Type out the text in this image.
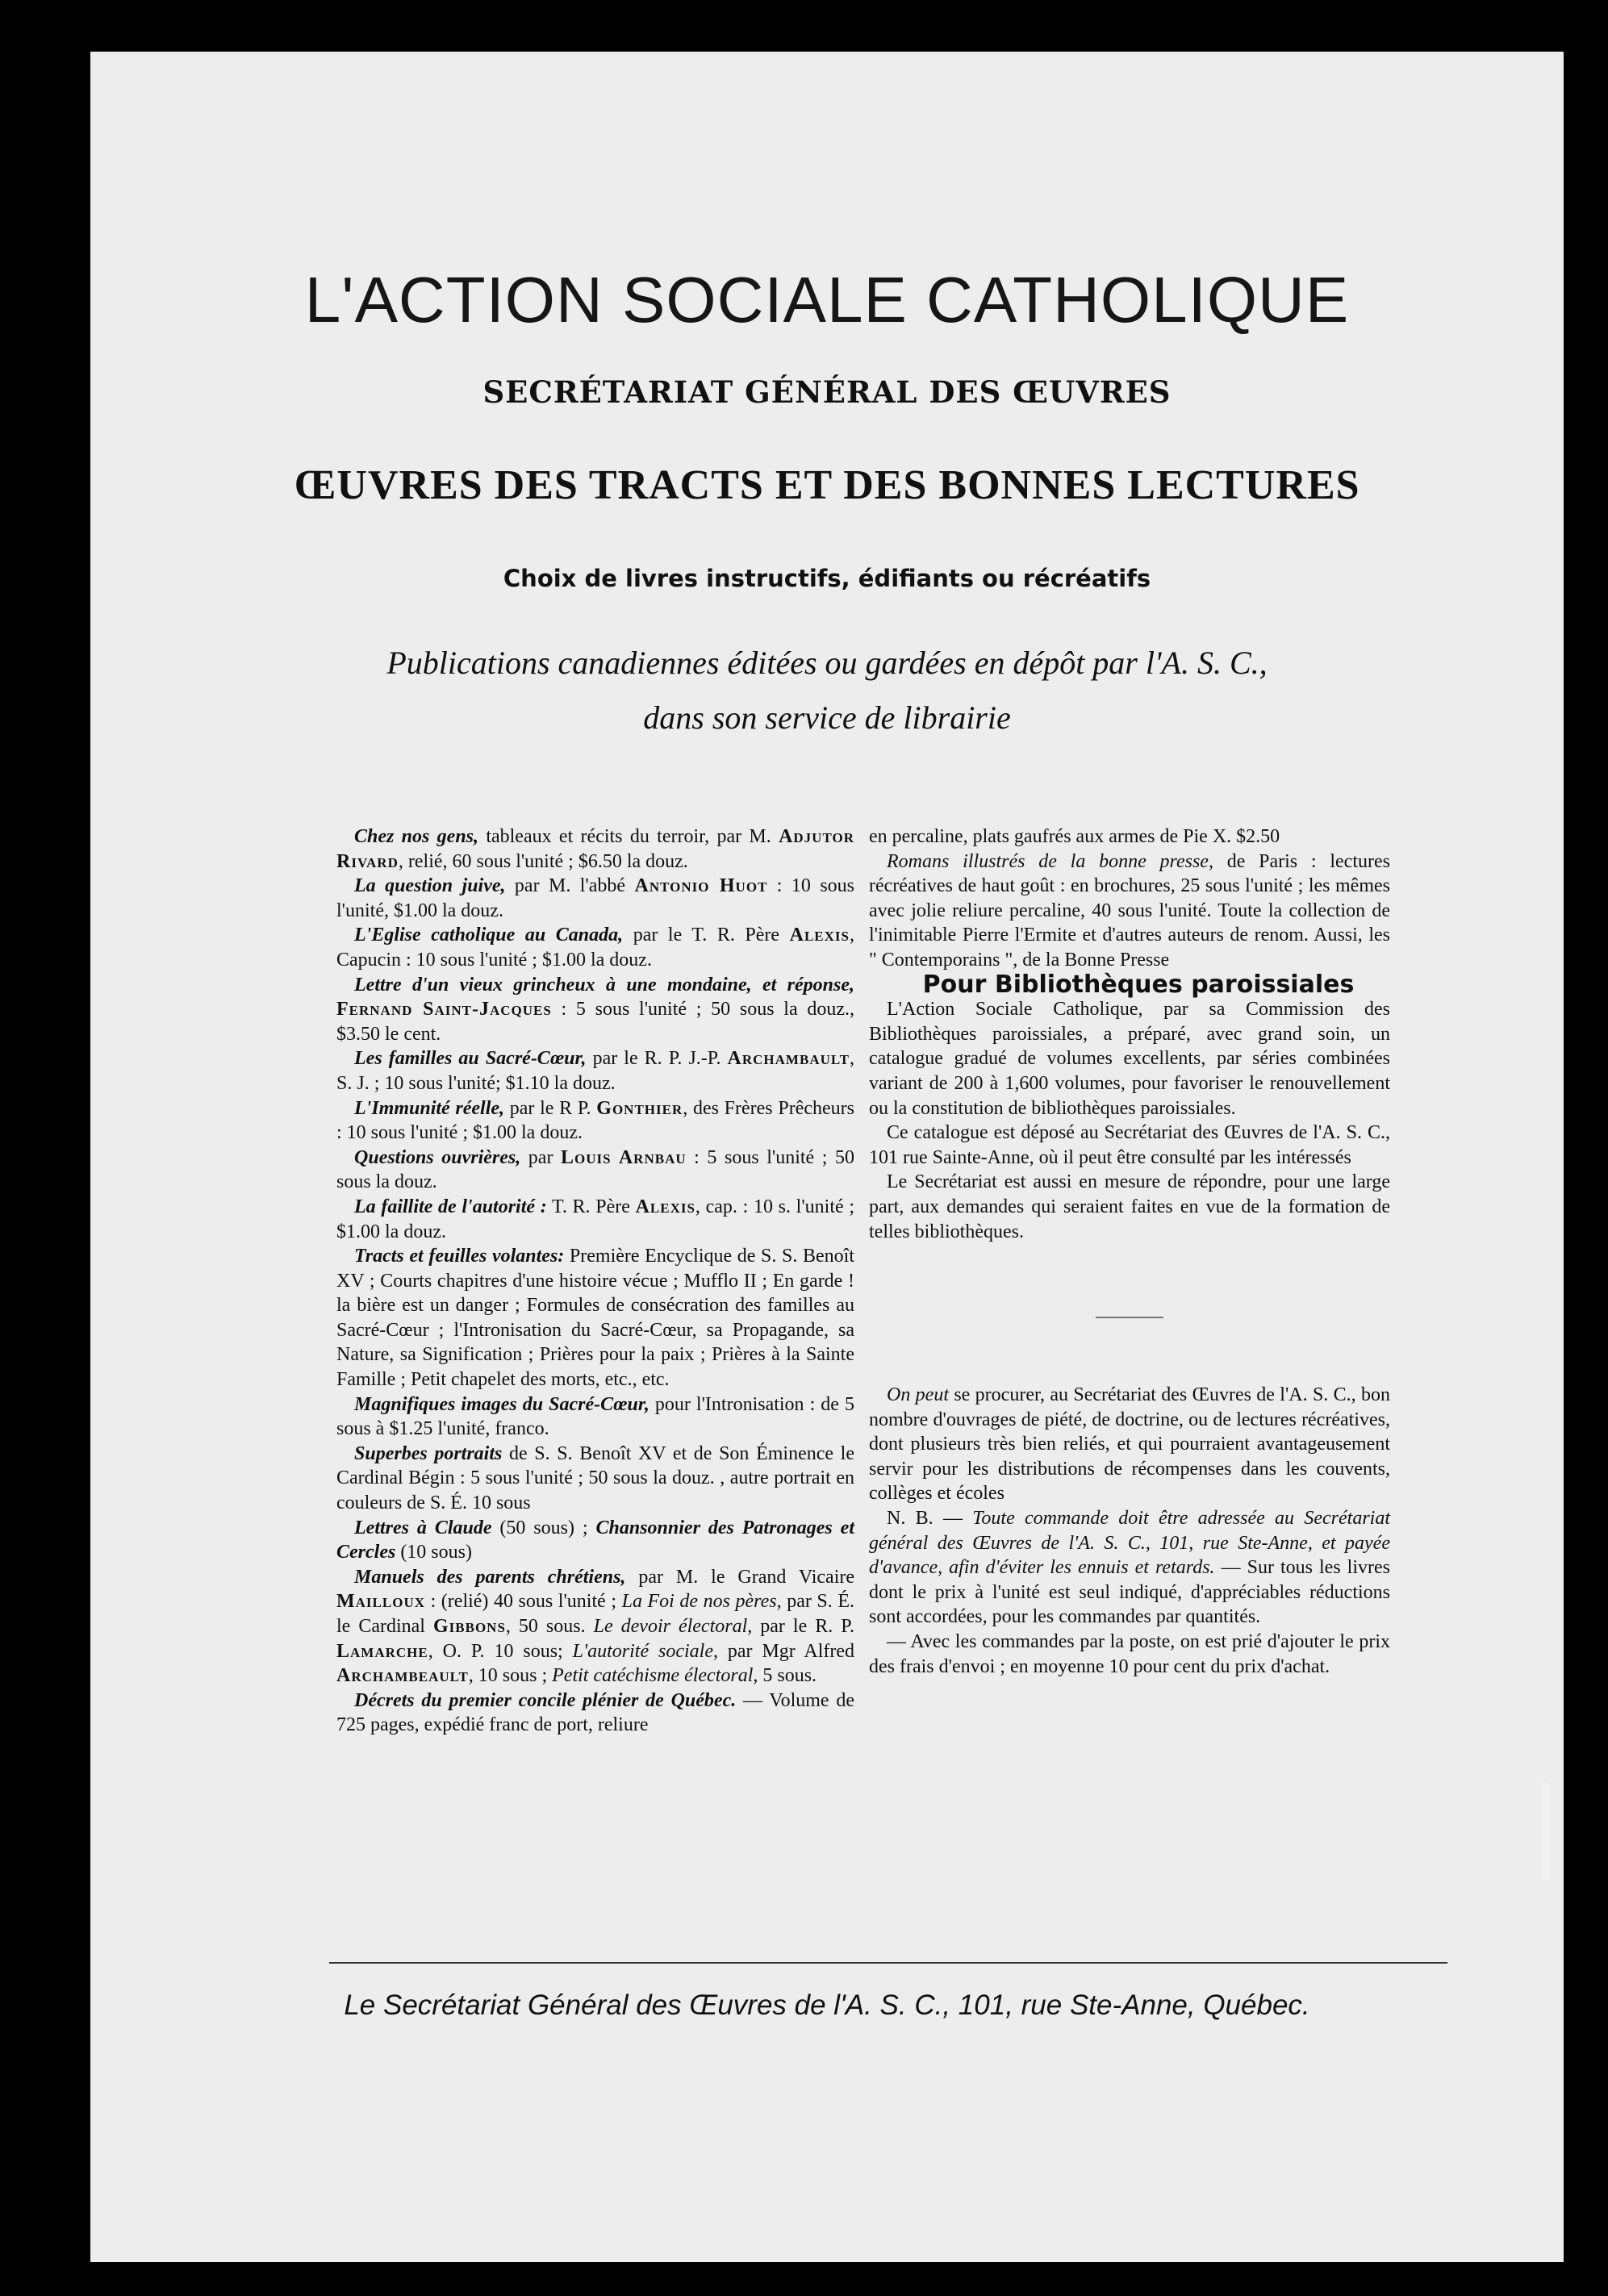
L'ACTION SOCIALE CATHOLIQUE
SECRÉTARIAT GÉNÉRAL DES ŒUVRES
ŒUVRES DES TRACTS ET DES BONNES LECTURES
Choix de livres instructifs, édifiants ou récréatifs
Publications canadiennes éditées ou gardées en dépôt par l'A. S. C.,
dans son service de librairie

Chez nos gens, tableaux et récits du terroir, par M. Adjutor Rivard, relié, 60 sous l'unité ; $6.50 la douz.

La question juive, par M. l'abbé Antonio Huot : 10 sous l'unité, $1.00 la douz.

L'Eglise catholique au Canada, par le T. R. Père Alexis, Capucin : 10 sous l'unité ; $1.00 la douz.

Lettre d'un vieux grincheux à une mondaine, et réponse, Fernand Saint-Jacques : 5 sous l'unité ; 50 sous la douz., $3.50 le cent.

Les familles au Sacré-Cœur, par le R. P. J.-P. Archambault, S. J. ; 10 sous l'unité; $1.10 la douz.

L'Immunité réelle, par le R P. Gonthier, des Frères Prêcheurs : 10 sous l'unité ; $1.00 la douz.

Questions ouvrières, par Louis Arnbau : 5 sous l'unité ; 50 sous la douz.

La faillite de l'autorité : T. R. Père Alexis, cap. : 10 s. l'unité ; $1.00 la douz.

Tracts et feuilles volantes: Première Encyclique de S. S. Benoît XV ; Courts chapitres d'une histoire vécue ; Mufflo II ; En garde ! la bière est un danger ; Formules de consécration des familles au Sacré-Cœur ; l'Intronisation du Sacré-Cœur, sa Propagande, sa Nature, sa Signification ; Prières pour la paix ; Prières à la Sainte Famille ; Petit chapelet des morts, etc., etc.

Magnifiques images du Sacré-Cœur, pour l'Intronisation : de 5 sous à $1.25 l'unité, franco.

Superbes portraits de S. S. Benoît XV et de Son Éminence le Cardinal Bégin : 5 sous l'unité ; 50 sous la douz. , autre portrait en couleurs de S. É. 10 sous

Lettres à Claude (50 sous) ; Chansonnier des Patronages et Cercles (10 sous)

Manuels des parents chrétiens, par M. le Grand Vicaire Mailloux : (relié) 40 sous l'unité ; La Foi de nos pères, par S. É. le Cardinal Gibbons, 50 sous. Le devoir électoral, par le R. P. Lamarche, O. P. 10 sous; L'autorité sociale, par Mgr Alfred Archambeault, 10 sous ; Petit catéchisme électoral, 5 sous.

Décrets du premier concile plénier de Québec. — Volume de 725 pages, expédié franc de port, reliure

en percaline, plats gaufrés aux armes de Pie X. $2.50

Romans illustrés de la bonne presse, de Paris : lectures récréatives de haut goût : en brochures, 25 sous l'unité ; les mêmes avec jolie reliure percaline, 40 sous l'unité. Toute la collection de l'inimitable Pierre l'Ermite et d'autres auteurs de renom. Aussi, les " Contemporains ", de la Bonne Presse

Pour Bibliothèques paroissiales

L'Action Sociale Catholique, par sa Commission des Bibliothèques paroissiales, a préparé, avec grand soin, un catalogue gradué de volumes excellents, par séries combinées variant de 200 à 1,600 volumes, pour favoriser le renouvellement ou la constitution de bibliothèques paroissiales.

Ce catalogue est déposé au Secrétariat des Œuvres de l'A. S. C., 101 rue Sainte-Anne, où il peut être consulté par les intéressés

Le Secrétariat est aussi en mesure de répondre, pour une large part, aux demandes qui seraient faites en vue de la formation de telles bibliothèques.

On peut se procurer, au Secrétariat des Œuvres de l'A. S. C., bon nombre d'ouvrages de piété, de doctrine, ou de lectures récréatives, dont plusieurs très bien reliés, et qui pourraient avantageusement servir pour les distributions de récompenses dans les couvents, collèges et écoles

N. B. — Toute commande doit être adressée au Secrétariat général des Œuvres de l'A. S. C., 101, rue Ste-Anne, et payée d'avance, afin d'éviter les ennuis et retards. — Sur tous les livres dont le prix à l'unité est seul indiqué, d'appréciables réductions sont accordées, pour les commandes par quantités.

— Avec les commandes par la poste, on est prié d'ajouter le prix des frais d'envoi ; en moyenne 10 pour cent du prix d'achat.

Le Secrétariat Général des Œuvres de l'A. S. C., 101, rue Ste-Anne, Québec.
